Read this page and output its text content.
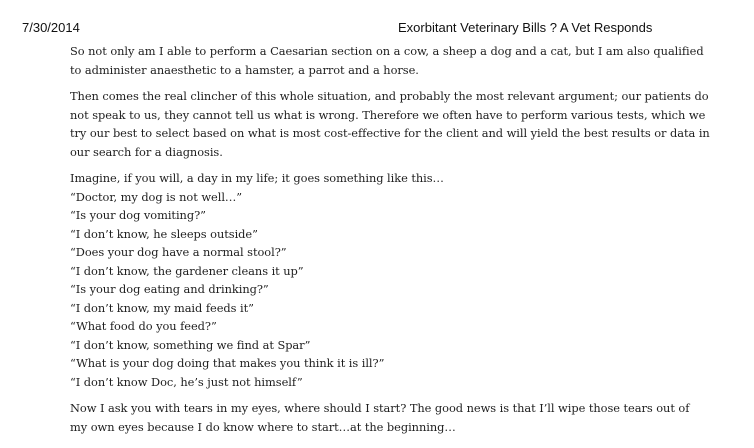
7/30/2014	Exorbitant Veterinary Bills ? A Vet Responds

So not only am I able to perform a Caesarian section on a cow, a sheep a dog and a cat, but I am also qualified to administer anaesthetic to a hamster, a parrot and a horse.

Then comes the real clincher of this whole situation, and probably the most relevant argument; our patients do not speak to us, they cannot tell us what is wrong. Therefore we often have to perform various tests, which we try our best to select based on what is most cost-effective for the client and will yield the best results or data in our search for a diagnosis.

Imagine, if you will, a day in my life; it goes something like this…
“Doctor, my dog is not well…”
“Is your dog vomiting?”
“I don’t know, he sleeps outside”
“Does your dog have a normal stool?”
“I don’t know, the gardener cleans it up”
“Is your dog eating and drinking?”
“I don’t know, my maid feeds it”
“What food do you feed?”
“I don’t know, something we find at Spar”
“What is your dog doing that makes you think it is ill?”
“I don’t know Doc, he’s just not himself”

Now I ask you with tears in my eyes, where should I start? The good news is that I’ll wipe those tears out of my own eyes because I do know where to start…at the beginning…
